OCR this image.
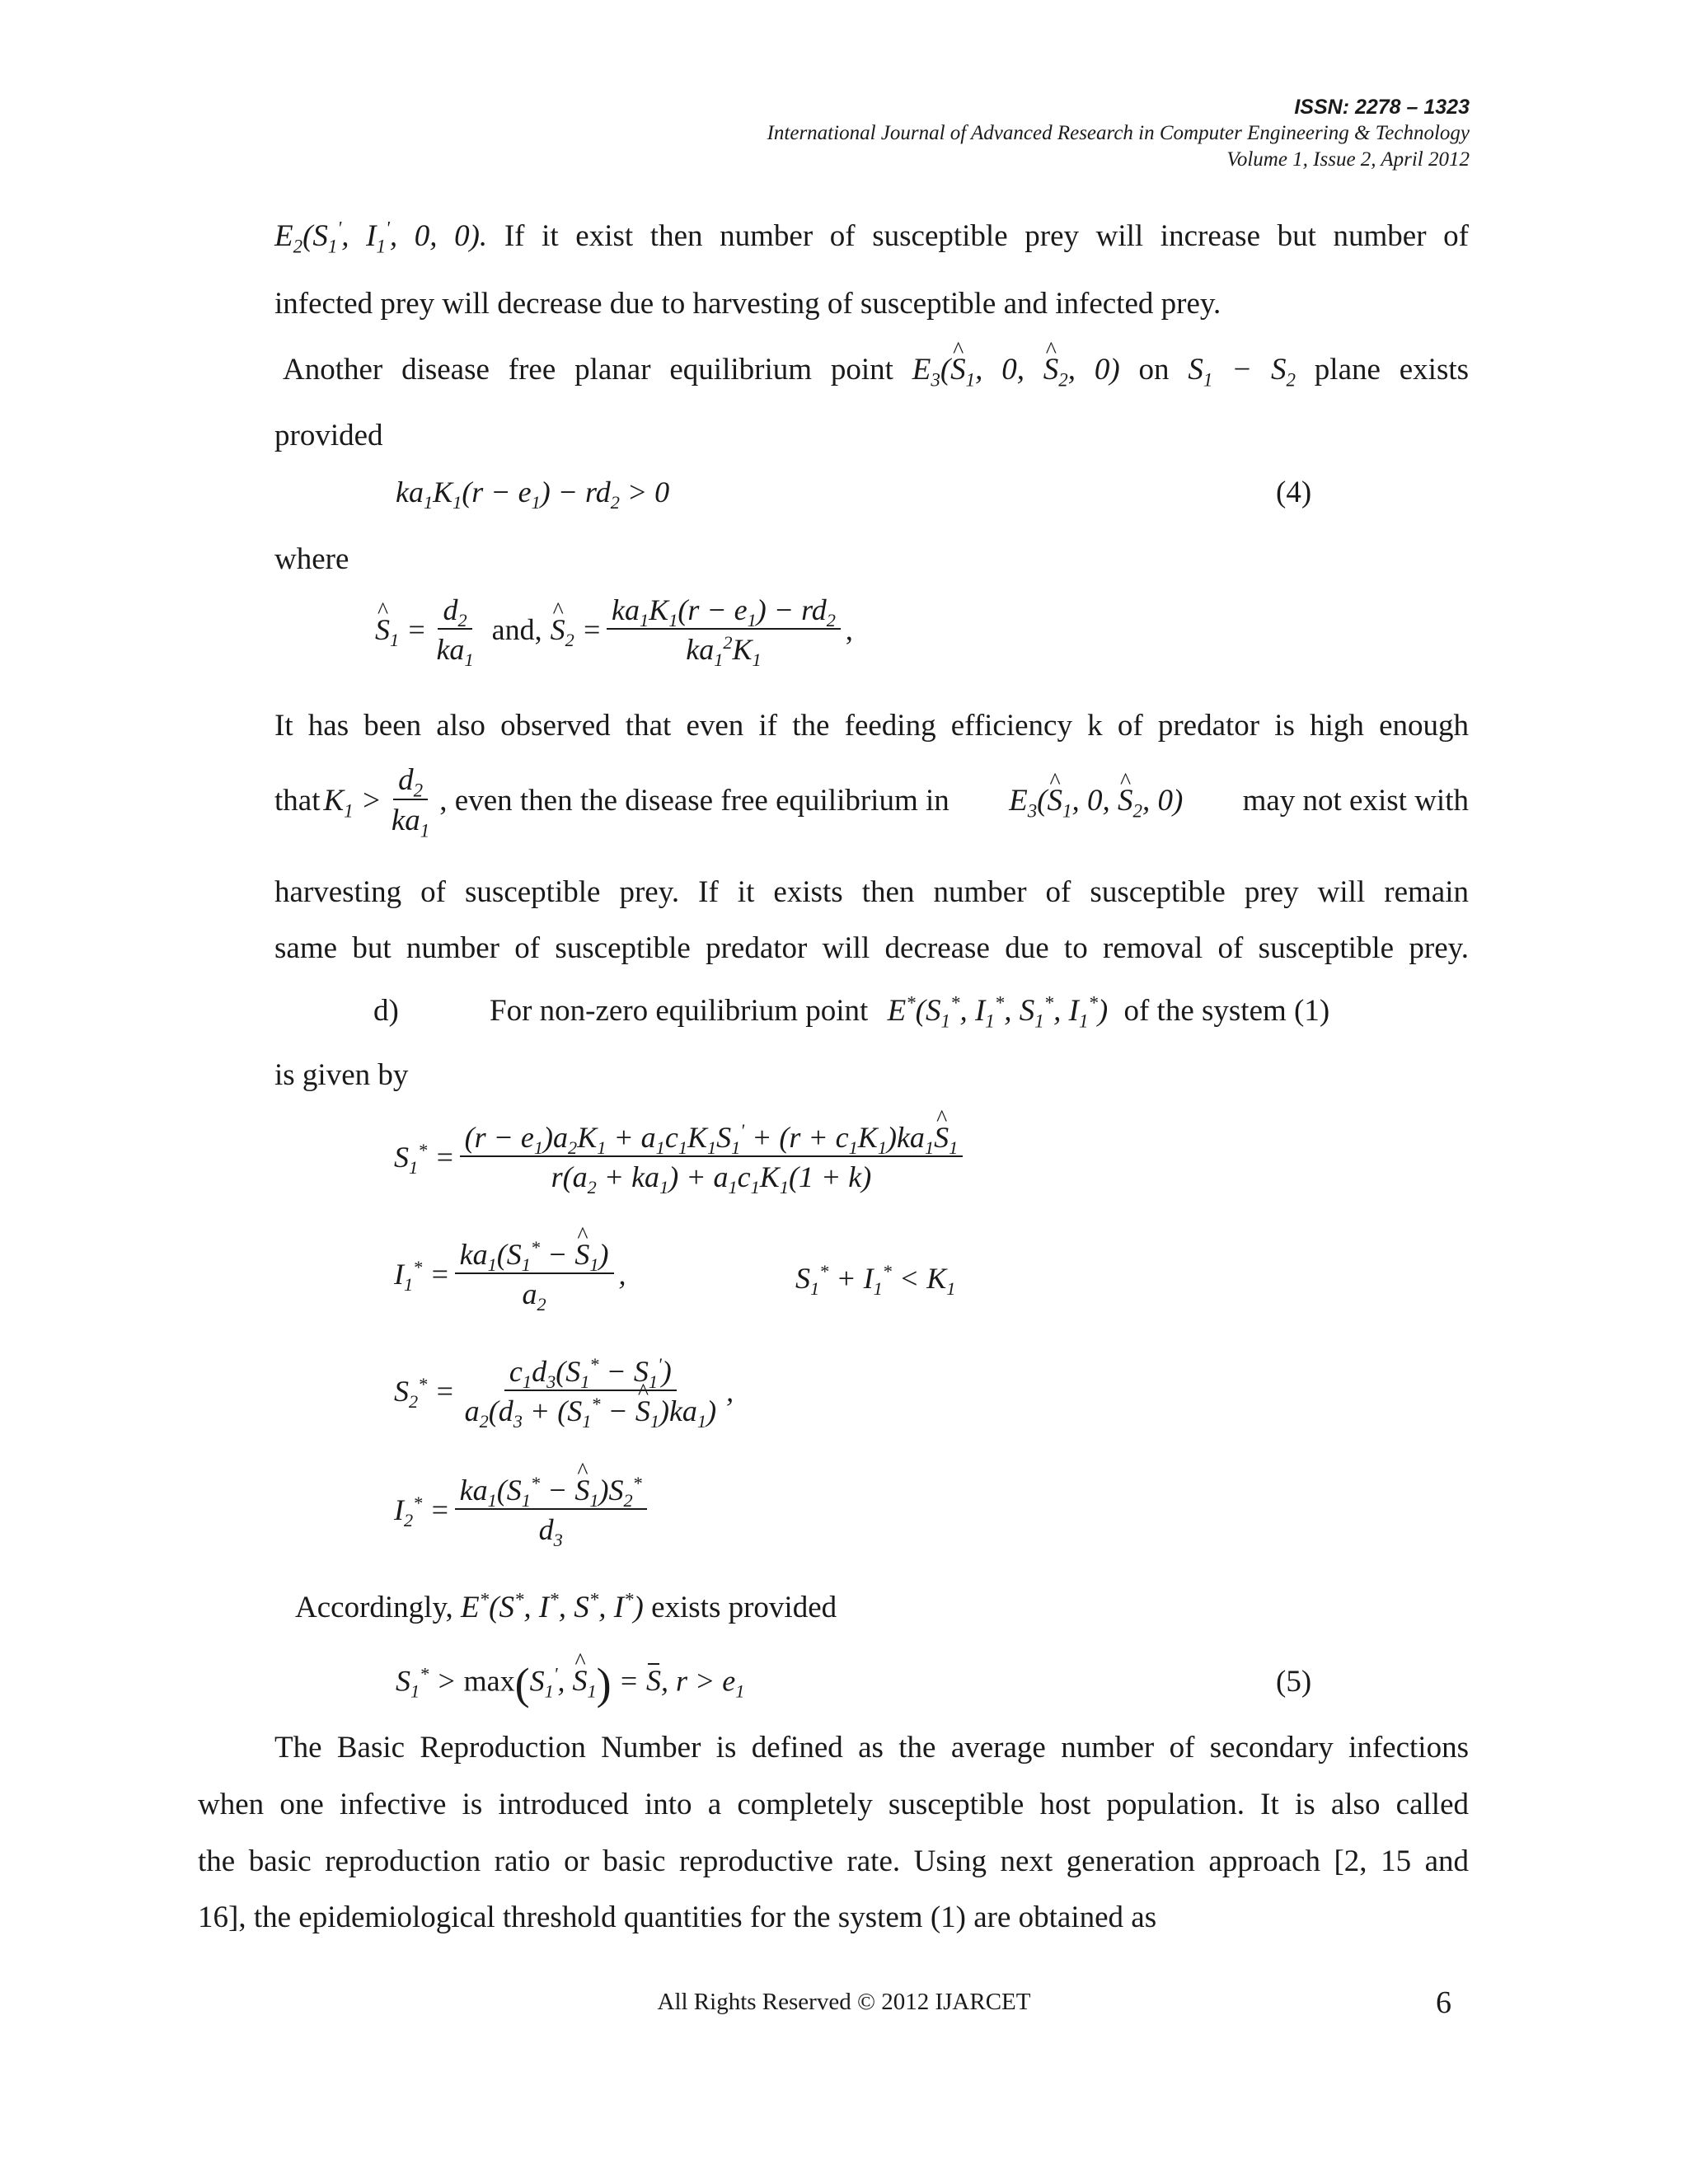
ISSN: 2278 – 1323
International Journal of Advanced Research in Computer Engineering & Technology
Volume 1, Issue 2, April 2012
$E_2(S_1'$, $I_1'$, 0, 0). If it exist then number of susceptible prey will increase but number of
infected prey will decrease due to harvesting of susceptible and infected prey.
Another disease free planar equilibrium point $E_3(\^{}$ $S_1$, 0, ^ $S_2$, 0) on $S_1 - S_2$ plane exists
provided
$ka_1K_1(r - e_1) - rd_2 > 0$	(4)
where
^ $S_1 = \frac{d_2}{ka_1}$ and,
^ $S_2 = \frac{ka_1K_1(r - e_1) - rd_2}{ka_1^2K_1}$ ,
It has been also observed that even if the feeding efficiency k of predator is high enough
that $K_1 > \frac{d_2}{ka_1}$ , even then the disease free equilibrium in $E_3(\^{}$ $S_1$, 0, ^ $S_2$, 0) may not exist with
harvesting of susceptible prey. If it exists then number of susceptible prey will remain
same but number of susceptible predator will decrease due to removal of susceptible prey.
d)	For non-zero equilibrium point $E^*(S_1^*$, $I_1^*$, $S_1^*$, $I_1^*$) of the system (1)
is given by
$S_1^* = \frac{(r - e_1)a_2K_1 + a_1c_1K_1S_1' + (r + c_1K_1)ka_1\^{} S_1}{r(a_2 + ka_1) + a_1c_1K_1(1 + k)}$
$I_1^* = \frac{ka_1(S_1^* - \^{} S_1)}{a_2}$ ,	$S_1^* + I_1^* < K_1$
$S_2^* = \frac{c_1d_3(S_1^* - S_1')}{a_2(d_3 + (S_1^* - \^{} S_1)ka_1)}$ ,
$I_2^* = \frac{ka_1(S_1^* - \^{} S_1)S_2^*}{d_3}$
Accordingly, E*(S*, I*, S*, I*) exists provided
$S_1^* > \max(S_1'$, ^ $S_1) = S$, $r > e_1$	(5)
The Basic Reproduction Number is defined as the average number of secondary infections
when one infective is introduced into a completely susceptible host population. It is also called
the basic reproduction ratio or basic reproductive rate. Using next generation approach [2, 15 and
16], the epidemiological threshold quantities for the system (1) are obtained as
All Rights Reserved © 2012 IJARCET	6
